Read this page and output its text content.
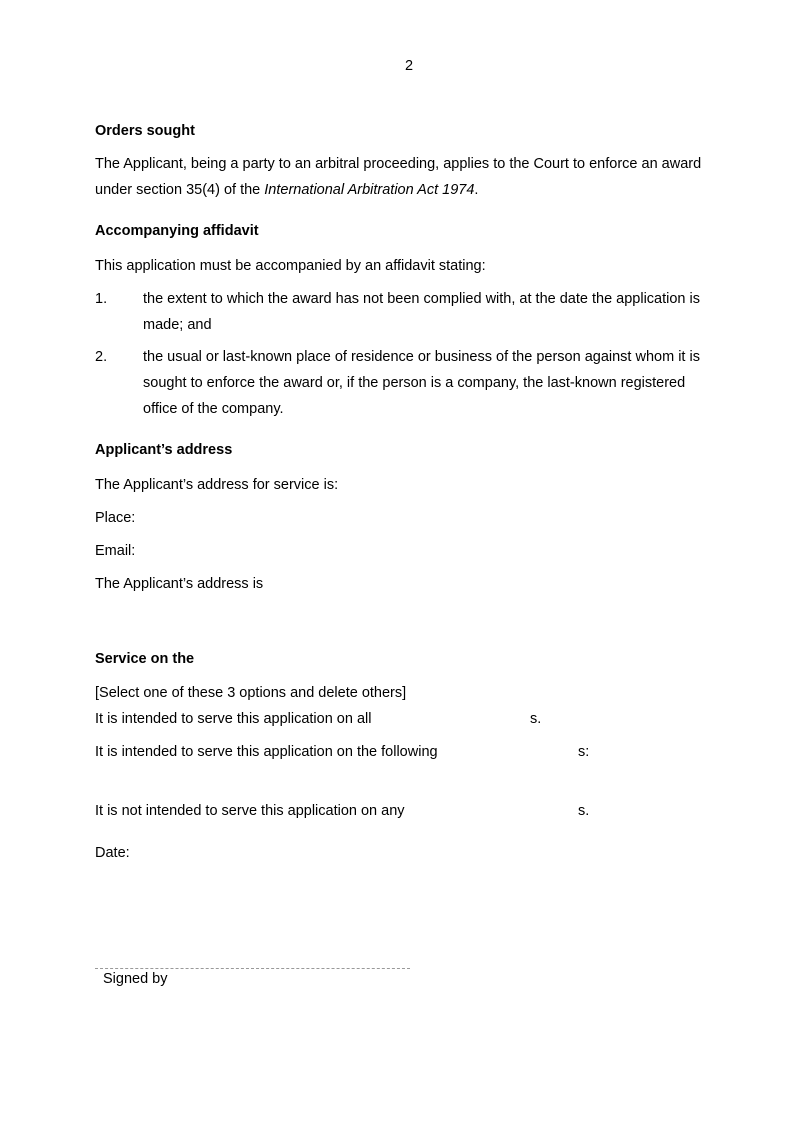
2
Orders sought
The Applicant, being a party to an arbitral proceeding, applies to the Court to enforce an award
under section 35(4) of the International Arbitration Act 1974.
Accompanying affidavit
This application must be accompanied by an affidavit stating:
1. the extent to which the award has not been complied with, at the date the application is
made; and
2. the usual or last-known place of residence or business of the person against whom it is
sought to enforce the award or, if the person is a company, the last-known registered
office of the company.
Applicant’s address
The Applicant’s address for service is:
Place:
Email:
The Applicant’s address is
Service on the
[Select one of these 3 options and delete others]
It is intended to serve this application on all	s.
It is intended to serve this application on the following	s:
It is not intended to serve this application on any	s.
Date:
Signed by
